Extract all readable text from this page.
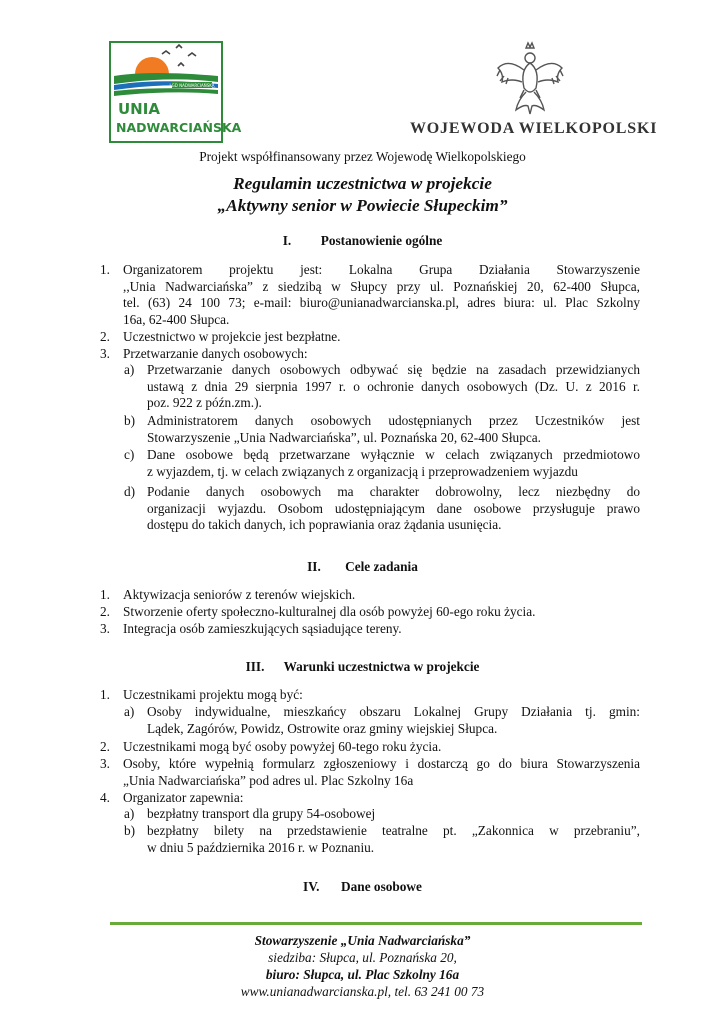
LGD NADWARCIAŃSKA
UNIA
NADWARCIAŃSKA	WOJEWODA WIELKOPOLSKI
Projekt współfinansowany przez Wojewodę Wielkopolskiego
Regulamin uczestnictwa w projekcie
„Aktywny senior w Powiecie Słupeckim”
I. Postanowienie ogólne
1. Organizatorem projektu jest: Lokalna Grupa Działania Stowarzyszenie
,,Unia Nadwarciańska” z siedzibą w Słupcy przy ul. Poznańskiej 20, 62-400 Słupca,
tel. (63) 24 100 73; e-mail: biuro@unianadwarcianska.pl, adres biura: ul. Plac Szkolny
16a, 62-400 Słupca.
2. Uczestnictwo w projekcie jest bezpłatne.
3. Przetwarzanie danych osobowych:
a) Przetwarzanie danych osobowych odbywać się będzie na zasadach przewidzianych
ustawą z dnia 29 sierpnia 1997 r. o ochronie danych osobowych (Dz. U. z 2016 r.
poz. 922 z późn.zm.).
b) Administratorem danych osobowych udostępnianych przez Uczestników jest
Stowarzyszenie „Unia Nadwarciańska”, ul. Poznańska 20, 62-400 Słupca.
c) Dane osobowe będą przetwarzane wyłącznie w celach związanych przedmiotowo
z wyjazdem, tj. w celach związanych z organizacją i przeprowadzeniem wyjazdu
d) Podanie danych osobowych ma charakter dobrowolny, lecz niezbędny do
organizacji wyjazdu. Osobom udostępniającym dane osobowe przysługuje prawo
dostępu do takich danych, ich poprawiania oraz żądania usunięcia.
II. Cele zadania
1. Aktywizacja seniorów z terenów wiejskich.
2. Stworzenie oferty społeczno-kulturalnej dla osób powyżej 60-ego roku życia.
3. Integracja osób zamieszkujących sąsiadujące tereny.
III. Warunki uczestnictwa w projekcie
1. Uczestnikami projektu mogą być:
a) Osoby indywidualne, mieszkańcy obszaru Lokalnej Grupy Działania tj. gmin:
Lądek, Zagórów, Powidz, Ostrowite oraz gminy wiejskiej Słupca.
2. Uczestnikami mogą być osoby powyżej 60-tego roku życia.
3. Osoby, które wypełnią formularz zgłoszeniowy i dostarczą go do biura Stowarzyszenia
„Unia Nadwarciańska” pod adres ul. Plac Szkolny 16a
4. Organizator zapewnia:
a) bezpłatny transport dla grupy 54-osobowej
b) bezpłatny bilety na przedstawienie teatralne pt. „Zakonnica w przebraniu”,
w dniu 5 października 2016 r. w Poznaniu.
IV. Dane osobowe
Stowarzyszenie „Unia Nadwarciańska”
siedziba: Słupca, ul. Poznańska 20,
biuro: Słupca, ul. Plac Szkolny 16a
www.unianadwarcianska.pl, tel. 63 241 00 73
